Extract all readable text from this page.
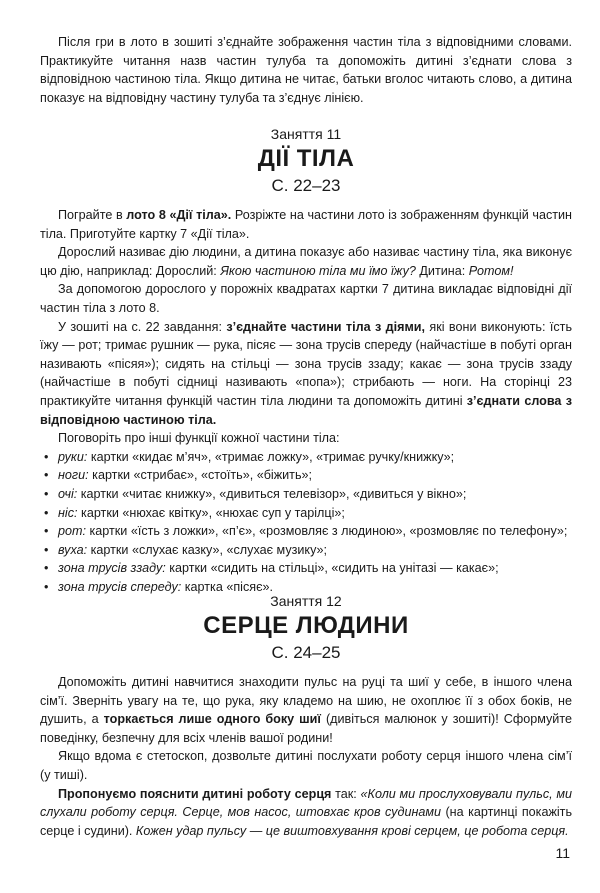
Після гри в лото в зошиті з’єднайте зображення частин тіла з відповідними словами. Практикуйте читання назв частин тулуба та допоможіть дитині з’єднати слова з відповідною частиною тіла. Якщо дитина не читає, батьки вголос читають слово, а дитина показує на відповідну частину тулуба та з’єднує лінією.

Заняття 11
ДІЇ ТІЛА
С. 22–23

Пограйте в лото 8 «Дії тіла». Розріжте на частини лото із зображенням функцій частин тіла. Приготуйте картку 7 «Дії тіла».

Дорослий називає дію людини, а дитина показує або називає частину тіла, яка виконує цю дію, наприклад: Дорослий: Якою частиною тіла ми їмо їжу? Дитина: Ротом!

За допомогою дорослого у порожніх квадратах картки 7 дитина викладає відповідні дії частин тіла з лото 8.

У зошиті на с. 22 завдання: з’єднайте частини тіла з діями, які вони виконують: їсть їжу — рот; тримає рушник — рука, пісяє — зона трусів спереду (найчастіше в побуті орган називають «пісяя»); сидять на стільці — зона трусів ззаду; какає — зона трусів ззаду (найчастіше в побуті сідниці називають «попа»); стрибають — ноги. На сторінці 23 практикуйте читання функцій частин тіла людини та допоможіть дитині з’єднати слова з відповідною частиною тіла.

Поговоріть про інші функції кожної частини тіла:

• руки: картки «кидає м’яч», «тримає ложку», «тримає ручку/книжку»;
• ноги: картки «стрибає», «стоїть», «біжить»;
• очі: картки «читає книжку», «дивиться телевізор», «дивиться у вікно»;
• ніс: картки «нюхає квітку», «нюхає суп у тарілці»;
• рот: картки «їсть з ложки», «п’є», «розмовляє з людиною», «розмовляє по телефону»;
• вуха: картки «слухає казку», «слухає музику»;
• зона трусів ззаду: картки «сидить на стільці», «сидить на унітазі — какає»;
• зона трусів спереду: картка «пісяє».
Заняття 12
СЕРЦЕ ЛЮДИНИ
С. 24–25

Допоможіть дитині навчитися знаходити пульс на руці та шиї у себе, в іншого члена сім’ї. Зверніть увагу на те, що рука, яку кладемо на шию, не охоплює її з обох боків, не душить, а торкається лише одного боку шиї (дивіться малюнок у зошиті)! Сформуйте поведінку, безпечну для всіх членів вашої родини!

Якщо вдома є стетоскоп, дозвольте дитині послухати роботу серця іншого члена сім’ї (у тиші).

Пропонуємо пояснити дитині роботу серця так: «Коли ми прослуховували пульс, ми слухали роботу серця. Серце, мов насос, штовхає кров судинами (на картинці покажіть серце і судини). Кожен удар пульсу — це виштовхування крові серцем, це робота серця.

11
